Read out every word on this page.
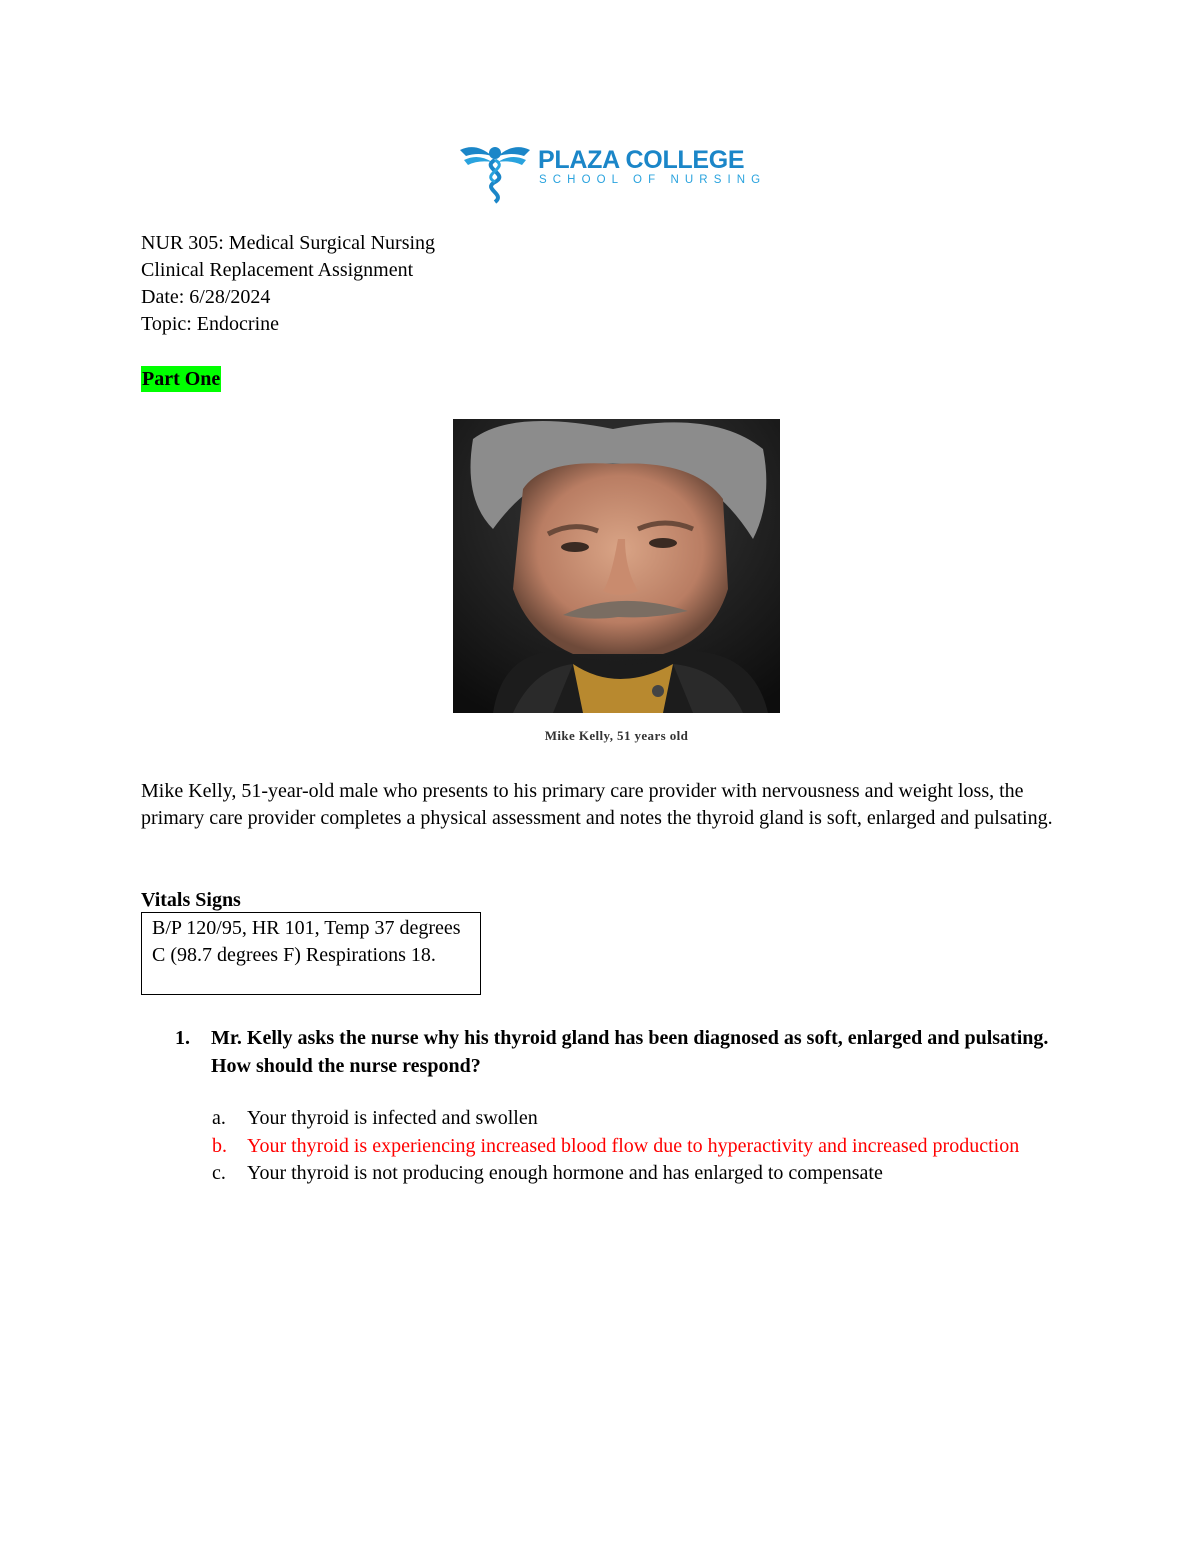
PLAZA COLLEGE
SCHOOL OF NURSING
NUR 305: Medical Surgical Nursing
Clinical Replacement Assignment
Date: 6/28/2024
Topic: Endocrine
Part One
Mike Kelly, 51 years old
Mike Kelly, 51-year-old male who presents to his primary care provider with nervousness and weight loss, the primary care provider completes a physical assessment and notes the thyroid gland is soft, enlarged and pulsating.
Vitals Signs
B/P 120/95, HR 101, Temp 37 degrees C (98.7 degrees F) Respirations 18.
1. Mr. Kelly asks the nurse why his thyroid gland has been diagnosed as soft, enlarged and pulsating. How should the nurse respond?
a. Your thyroid is infected and swollen
b. Your thyroid is experiencing increased blood flow due to hyperactivity and increased production
c. Your thyroid is not producing enough hormone and has enlarged to compensate
